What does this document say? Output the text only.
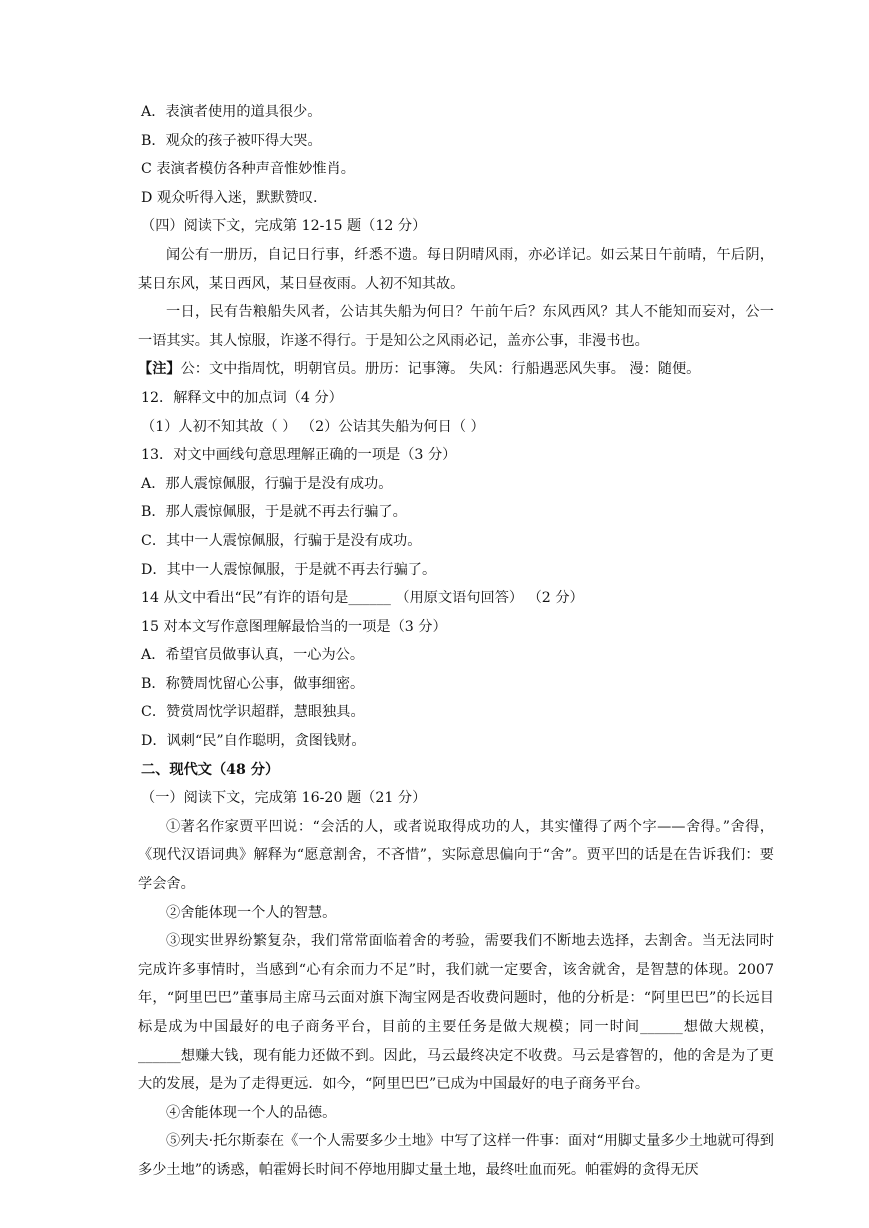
A．表演者使用的道具很少。
B．观众的孩子被吓得大哭。
C 表演者模仿各种声音惟妙惟肖。
D 观众听得入迷，默默赞叹.
（四）阅读下文，完成第 12-15 题（12 分）
闻公有一册历，自记日行事，纤悉不遗。每日阴晴风雨，亦必详记。如云某日午前晴，午后阴，某日东风，某日西风，某日昼夜雨。人初不知其故。
一日，民有告粮船失风者，公诘其失船为何日？午前午后？东风西风？其人不能知而妄对，公一一语其实。其人惊服，诈遂不得行。于是知公之风雨必记，盖亦公事，非漫书也。
【注】公：文中指周忱，明朝官员。册历：记事簿。 失风：行船遇恶风失事。 漫：随便。
12．解释文中的加点词（4 分）
（1）人初不知其故（ ） （2）公诘其失船为何日（ ）
13．对文中画线句意思理解正确的一项是（3 分）
A．那人震惊佩服，行骗于是没有成功。
B．那人震惊佩服，于是就不再去行骗了。
C．其中一人震惊佩服，行骗于是没有成功。
D．其中一人震惊佩服，于是就不再去行骗了。
14 从文中看出“民”有诈的语句是______ （用原文语句回答） （2 分）
15 对本文写作意图理解最恰当的一项是（3 分）
A．希望官员做事认真，一心为公。
B．称赞周忱留心公事，做事细密。
C．赞赏周忱学识超群，慧眼独具。
D．讽刺“民”自作聪明，贪图钱财。
二、现代文（48 分）
（一）阅读下文，完成第 16-20 题（21 分）
①著名作家贾平凹说：“会活的人，或者说取得成功的人，其实懂得了两个字——舍得。”舍得，《现代汉语词典》解释为“愿意割舍，不吝惜”，实际意思偏向于“舍”。贾平凹的话是在告诉我们：要学会舍。
②舍能体现一个人的智慧。
③现实世界纷繁复杂，我们常常面临着舍的考验，需要我们不断地去选择，去割舍。当无法同时完成许多事情时，当感到“心有余而力不足”时，我们就一定要舍，该舍就舍，是智慧的体现。2007 年，“阿里巴巴”董事局主席马云面对旗下淘宝网是否收费问题时，他的分析是：“阿里巴巴”的长远目标是成为中国最好的电子商务平台，目前的主要任务是做大规模；同一时间______想做大规模，______想赚大钱，现有能力还做不到。因此，马云最终决定不收费。马云是睿智的，他的舍是为了更大的发展，是为了走得更远．如今，“阿里巴巴”已成为中国最好的电子商务平台。
④舍能体现一个人的品德。
⑤列夫·托尔斯泰在《一个人需要多少土地》中写了这样一件事：面对“用脚丈量多少土地就可得到多少土地”的诱惑，帕霍姆长时间不停地用脚丈量土地，最终吐血而死。帕霍姆的贪得无厌
